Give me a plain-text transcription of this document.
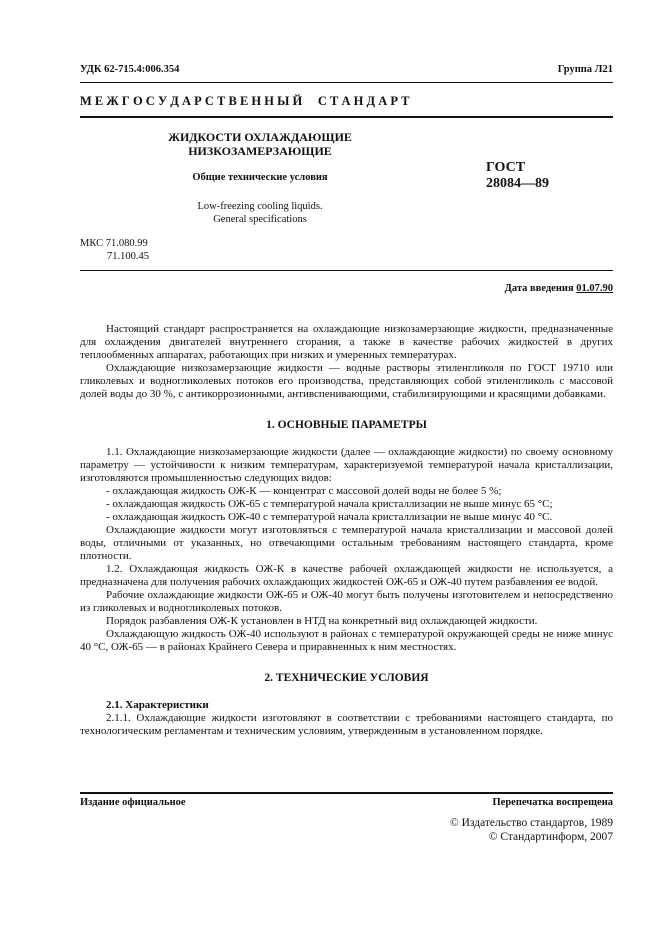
УДК 62-715.4:006.354	Группа Л21
М Е Ж Г О С У Д А Р С Т В Е Н Н Ы Й     С Т А Н Д А Р Т
ЖИДКОСТИ ОХЛАЖДАЮЩИЕ
НИЗКОЗАМЕРЗАЮЩИЕ
Общие технические условия
Low-freezing cooling liquids.
General specifications
ГОСТ
28084—89
МКС 71.080.99
71.100.45
Дата введения 01.07.90

Настоящий стандарт распространяется на охлаждающие низкозамерзающие жидкости, предназначенные для охлаждения двигателей внутреннего сгорания, а также в качестве рабочих жидкостей в других теплообменных аппаратах, работающих при низких и умеренных температурах.

Охлаждающие низкозамерзающие жидкости — водные растворы этиленгликоля по ГОСТ 19710 или гликолевых и водногликолевых потоков его производства, представляющих собой этиленгликоль с массовой долей воды до 30 %, с антикоррозионными, антивспенивающими, стабилизирующими и красящими добавками.

1. ОСНОВНЫЕ ПАРАМЕТРЫ

1.1. Охлаждающие низкозамерзающие жидкости (далее — охлаждающие жидкости) по своему основному параметру — устойчивости к низким температурам, характеризуемой температурой начала кристаллизации, изготовляются промышленностью следующих видов:

- охлаждающая жидкость ОЖ-К — концентрат с массовой долей воды не более 5 %;

- охлаждающая жидкость ОЖ-65 с температурой начала кристаллизации не выше минус 65 °С;

- охлаждающая жидкость ОЖ-40 с температурой начала кристаллизации не выше минус 40 °С.

Охлаждающие жидкости могут изготовляться с температурой начала кристаллизации и массовой долей воды, отличными от указанных, но отвечающими остальным требованиям настоящего стандарта, кроме плотности.

1.2. Охлаждающая жидкость ОЖ-К в качестве рабочей охлаждающей жидкости не используется, а предназначена для получения рабочих охлаждающих жидкостей ОЖ-65 и ОЖ-40 путем разбавления ее водой.

Рабочие охлаждающие жидкости ОЖ-65 и ОЖ-40 могут быть получены изготовителем и непосредственно из гликолевых и водногликолевых потоков.

Порядок разбавления ОЖ-К установлен в НТД на конкретный вид охлаждающей жидкости.

Охлаждающую жидкость ОЖ-40 используют в районах с температурой окружающей среды не ниже минус 40 °С, ОЖ-65 — в районах Крайнего Севера и приравненных к ним местностях.

2. ТЕХНИЧЕСКИЕ УСЛОВИЯ

2.1. Характеристики

2.1.1. Охлаждающие жидкости изготовляют в соответствии с требованиями настоящего стандарта, по технологическим регламентам и техническим условиям, утвержденным в установленном порядке.

Издание официальное	Перепечатка воспрещена
© Издательство стандартов, 1989
© Стандартинформ, 2007
